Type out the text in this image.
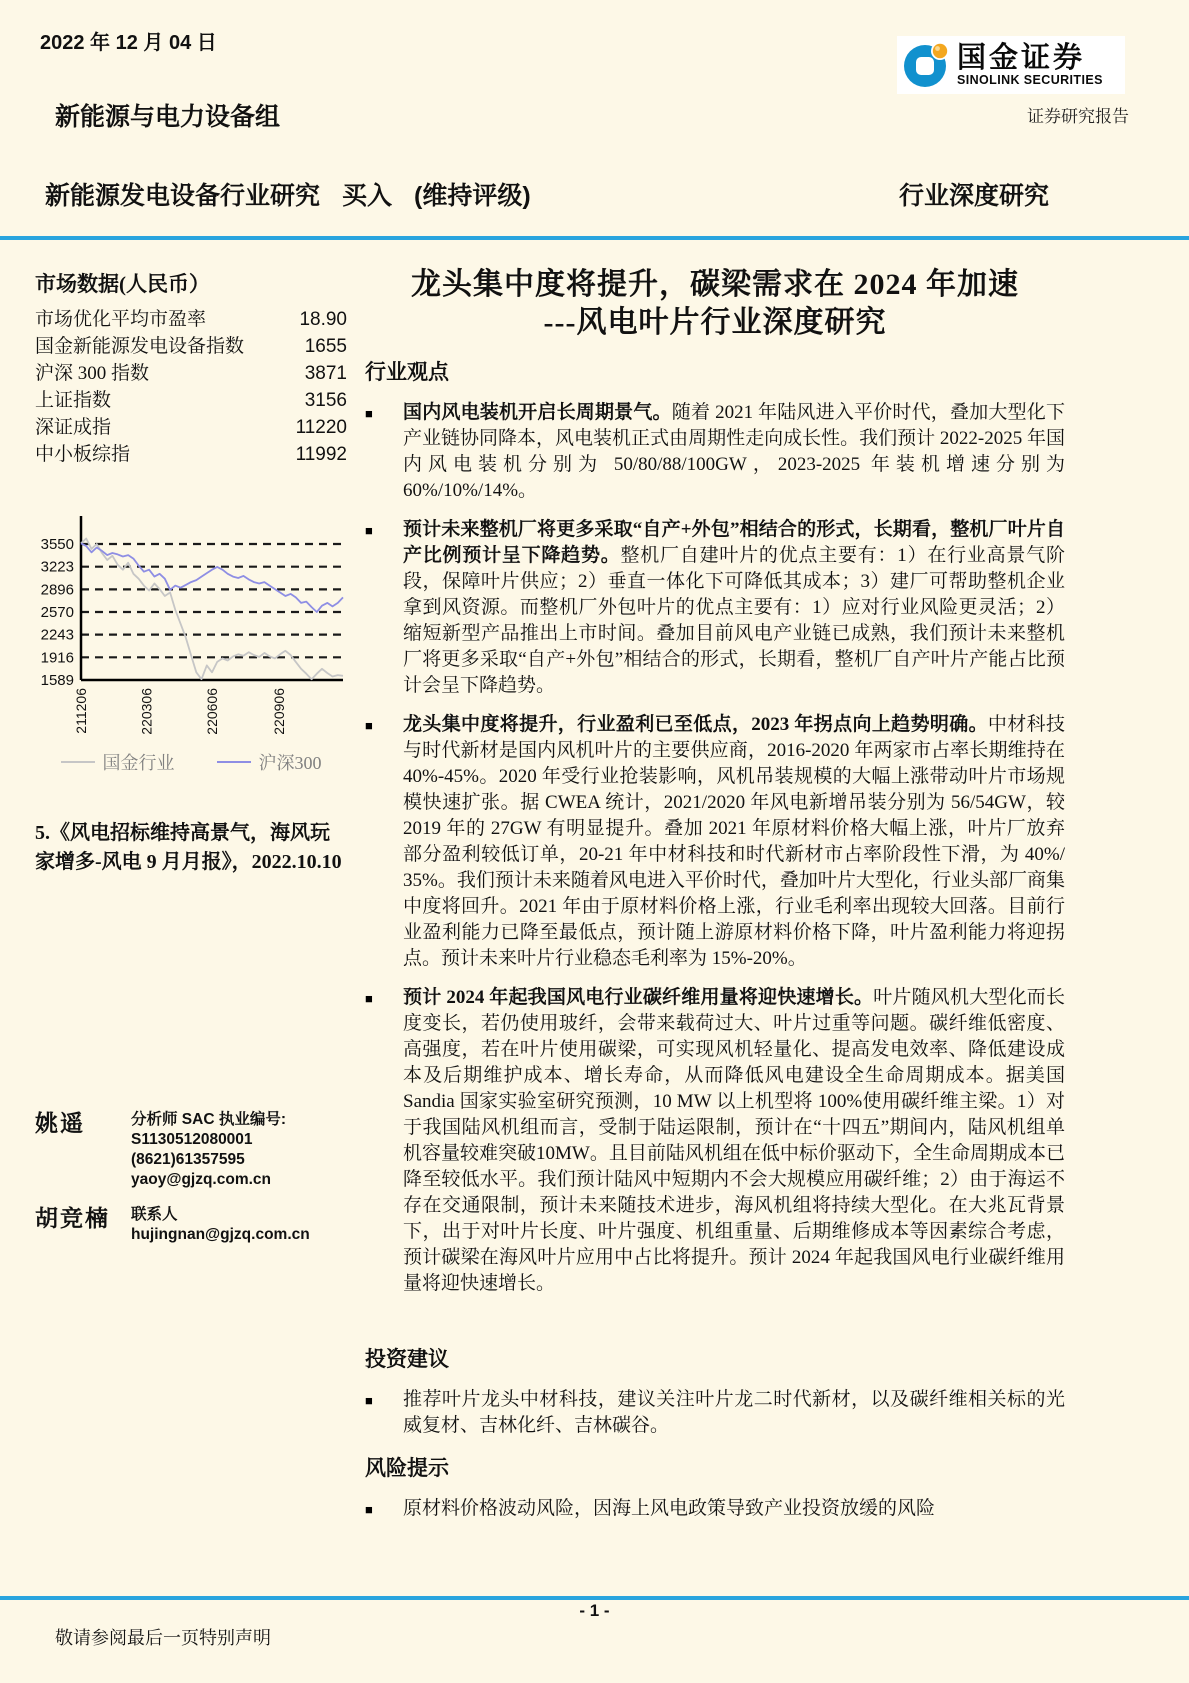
2022 年 12 月 04 日	国金证券
SINOLINK SECURITIES
证券研究报告
新能源与电力设备组
新能源发电设备行业研究 买入 (维持评级)	行业深度研究
市场数据(人民币）
市场优化平均市盈率	18.90
国金新能源发电设备指数	1655
沪深 300 指数	3871
上证指数	3156
深证成指	11220
中小板综指	11992
3550
3223
2896
2570
2243
1916
1589
211206	220306	220606	220906
国金行业	沪深300
5.《风电招标维持高景气，海风玩家增多-风电 9 月月报》，2022.10.10
姚遥	分析师 SAC 执业编号: S1130512080001
(8621)61357595
yaoy@gjzq.com.cn
胡竞楠	联系人
hujingnan@gjzq.com.cn
龙头集中度将提升，碳梁需求在 2024 年加速
---风电叶片行业深度研究
行业观点
■	国内风电装机开启长周期景气。随着 2021 年陆风进入平价时代，叠加大型化下产业链协同降本，风电装机正式由周期性走向成长性。我们预计 2022-2025 年国内风电装机分别为 50/80/88/100GW，2023-2025 年装机增速分别为 60%/10%/14%。

■	预计未来整机厂将更多采取“自产+外包”相结合的形式，长期看，整机厂叶片自产比例预计呈下降趋势。整机厂自建叶片的优点主要有：1）在行业高景气阶段，保障叶片供应；2）垂直一体化下可降低其成本；3）建厂可帮助整机企业拿到风资源。而整机厂外包叶片的优点主要有：1）应对行业风险更灵活；2）缩短新型产品推出上市时间。叠加目前风电产业链已成熟，我们预计未来整机厂将更多采取“自产+外包”相结合的形式，长期看，整机厂自产叶片产能占比预计会呈下降趋势。

■	龙头集中度将提升，行业盈利已至低点，2023 年拐点向上趋势明确。中材科技与时代新材是国内风机叶片的主要供应商，2016-2020 年两家市占率长期维持在 40%-45%。2020 年受行业抢装影响，风机吊装规模的大幅上涨带动叶片市场规模快速扩张。据 CWEA 统计，2021/2020 年风电新增吊装分别为 56/54GW，较 2019 年的 27GW 有明显提升。叠加 2021 年原材料价格大幅上涨，叶片厂放弃部分盈利较低订单，20-21 年中材科技和时代新材市占率阶段性下滑，为 40%/ 35%。我们预计未来随着风电进入平价时代，叠加叶片大型化，行业头部厂商集中度将回升。2021 年由于原材料价格上涨，行业毛利率出现较大回落。目前行业盈利能力已降至最低点，预计随上游原材料价格下降，叶片盈利能力将迎拐点。预计未来叶片行业稳态毛利率为 15%-20%。

■	预计 2024 年起我国风电行业碳纤维用量将迎快速增长。叶片随风机大型化而长度变长，若仍使用玻纤，会带来载荷过大、叶片过重等问题。碳纤维低密度、高强度，若在叶片使用碳梁，可实现风机轻量化、提高发电效率、降低建设成本及后期维护成本、增长寿命，从而降低风电建设全生命周期成本。据美国 Sandia 国家实验室研究预测，10 MW 以上机型将 100%使用碳纤维主梁。1）对于我国陆风机组而言，受制于陆运限制，预计在“十四五”期间内，陆风机组单机容量较难突破10MW。且目前陆风机组在低中标价驱动下，全生命周期成本已降至较低水平。我们预计陆风中短期内不会大规模应用碳纤维；2）由于海运不存在交通限制，预计未来随技术进步，海风机组将持续大型化。在大兆瓦背景下，出于对叶片长度、叶片强度、机组重量、后期维修成本等因素综合考虑，预计碳梁在海风叶片应用中占比将提升。预计 2024 年起我国风电行业碳纤维用量将迎快速增长。

投资建议
■	推荐叶片龙头中材科技，建议关注叶片龙二时代新材，以及碳纤维相关标的光威复材、吉林化纤、吉林碳谷。

风险提示
■	原材料价格波动风险，因海上风电政策导致产业投资放缓的风险

- 1 -
敬请参阅最后一页特别声明
